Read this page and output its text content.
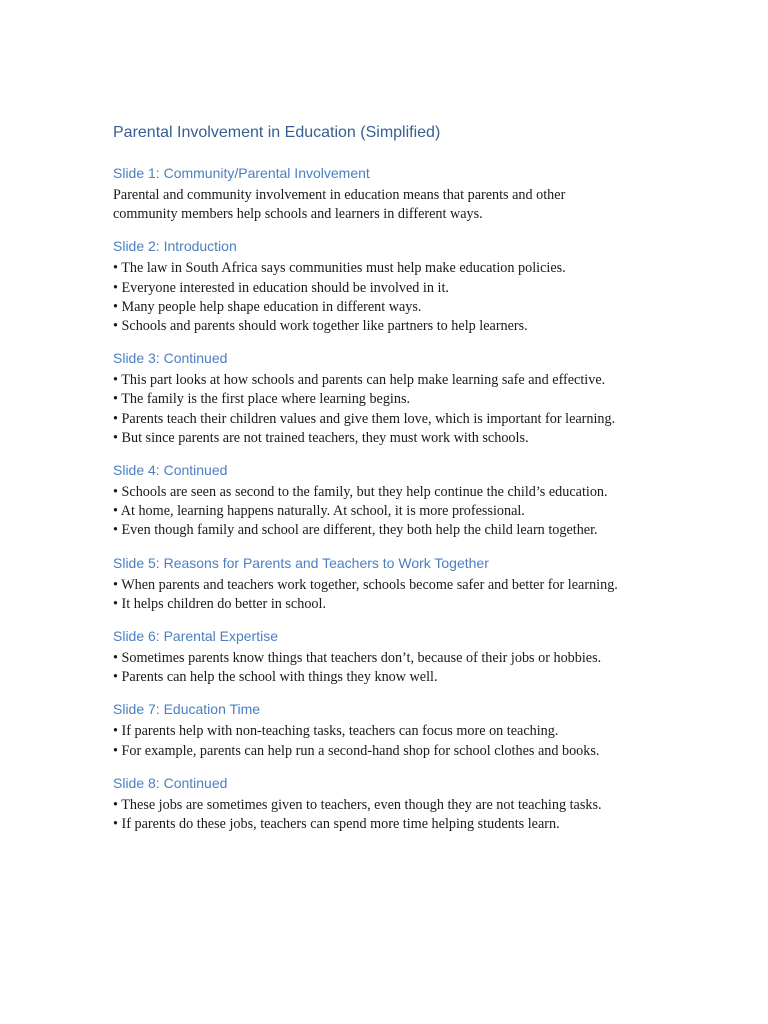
Parental Involvement in Education (Simplified)
Slide 1: Community/Parental Involvement
Parental and community involvement in education means that parents and other
community members help schools and learners in different ways.
Slide 2: Introduction
• The law in South Africa says communities must help make education policies.
• Everyone interested in education should be involved in it.
• Many people help shape education in different ways.
• Schools and parents should work together like partners to help learners.
Slide 3: Continued
• This part looks at how schools and parents can help make learning safe and effective.
• The family is the first place where learning begins.
• Parents teach their children values and give them love, which is important for learning.
• But since parents are not trained teachers, they must work with schools.
Slide 4: Continued
• Schools are seen as second to the family, but they help continue the child’s education.
• At home, learning happens naturally. At school, it is more professional.
• Even though family and school are different, they both help the child learn together.
Slide 5: Reasons for Parents and Teachers to Work Together
• When parents and teachers work together, schools become safer and better for learning.
• It helps children do better in school.
Slide 6: Parental Expertise
• Sometimes parents know things that teachers don’t, because of their jobs or hobbies.
• Parents can help the school with things they know well.
Slide 7: Education Time
• If parents help with non-teaching tasks, teachers can focus more on teaching.
• For example, parents can help run a second-hand shop for school clothes and books.
Slide 8: Continued
• These jobs are sometimes given to teachers, even though they are not teaching tasks.
• If parents do these jobs, teachers can spend more time helping students learn.
